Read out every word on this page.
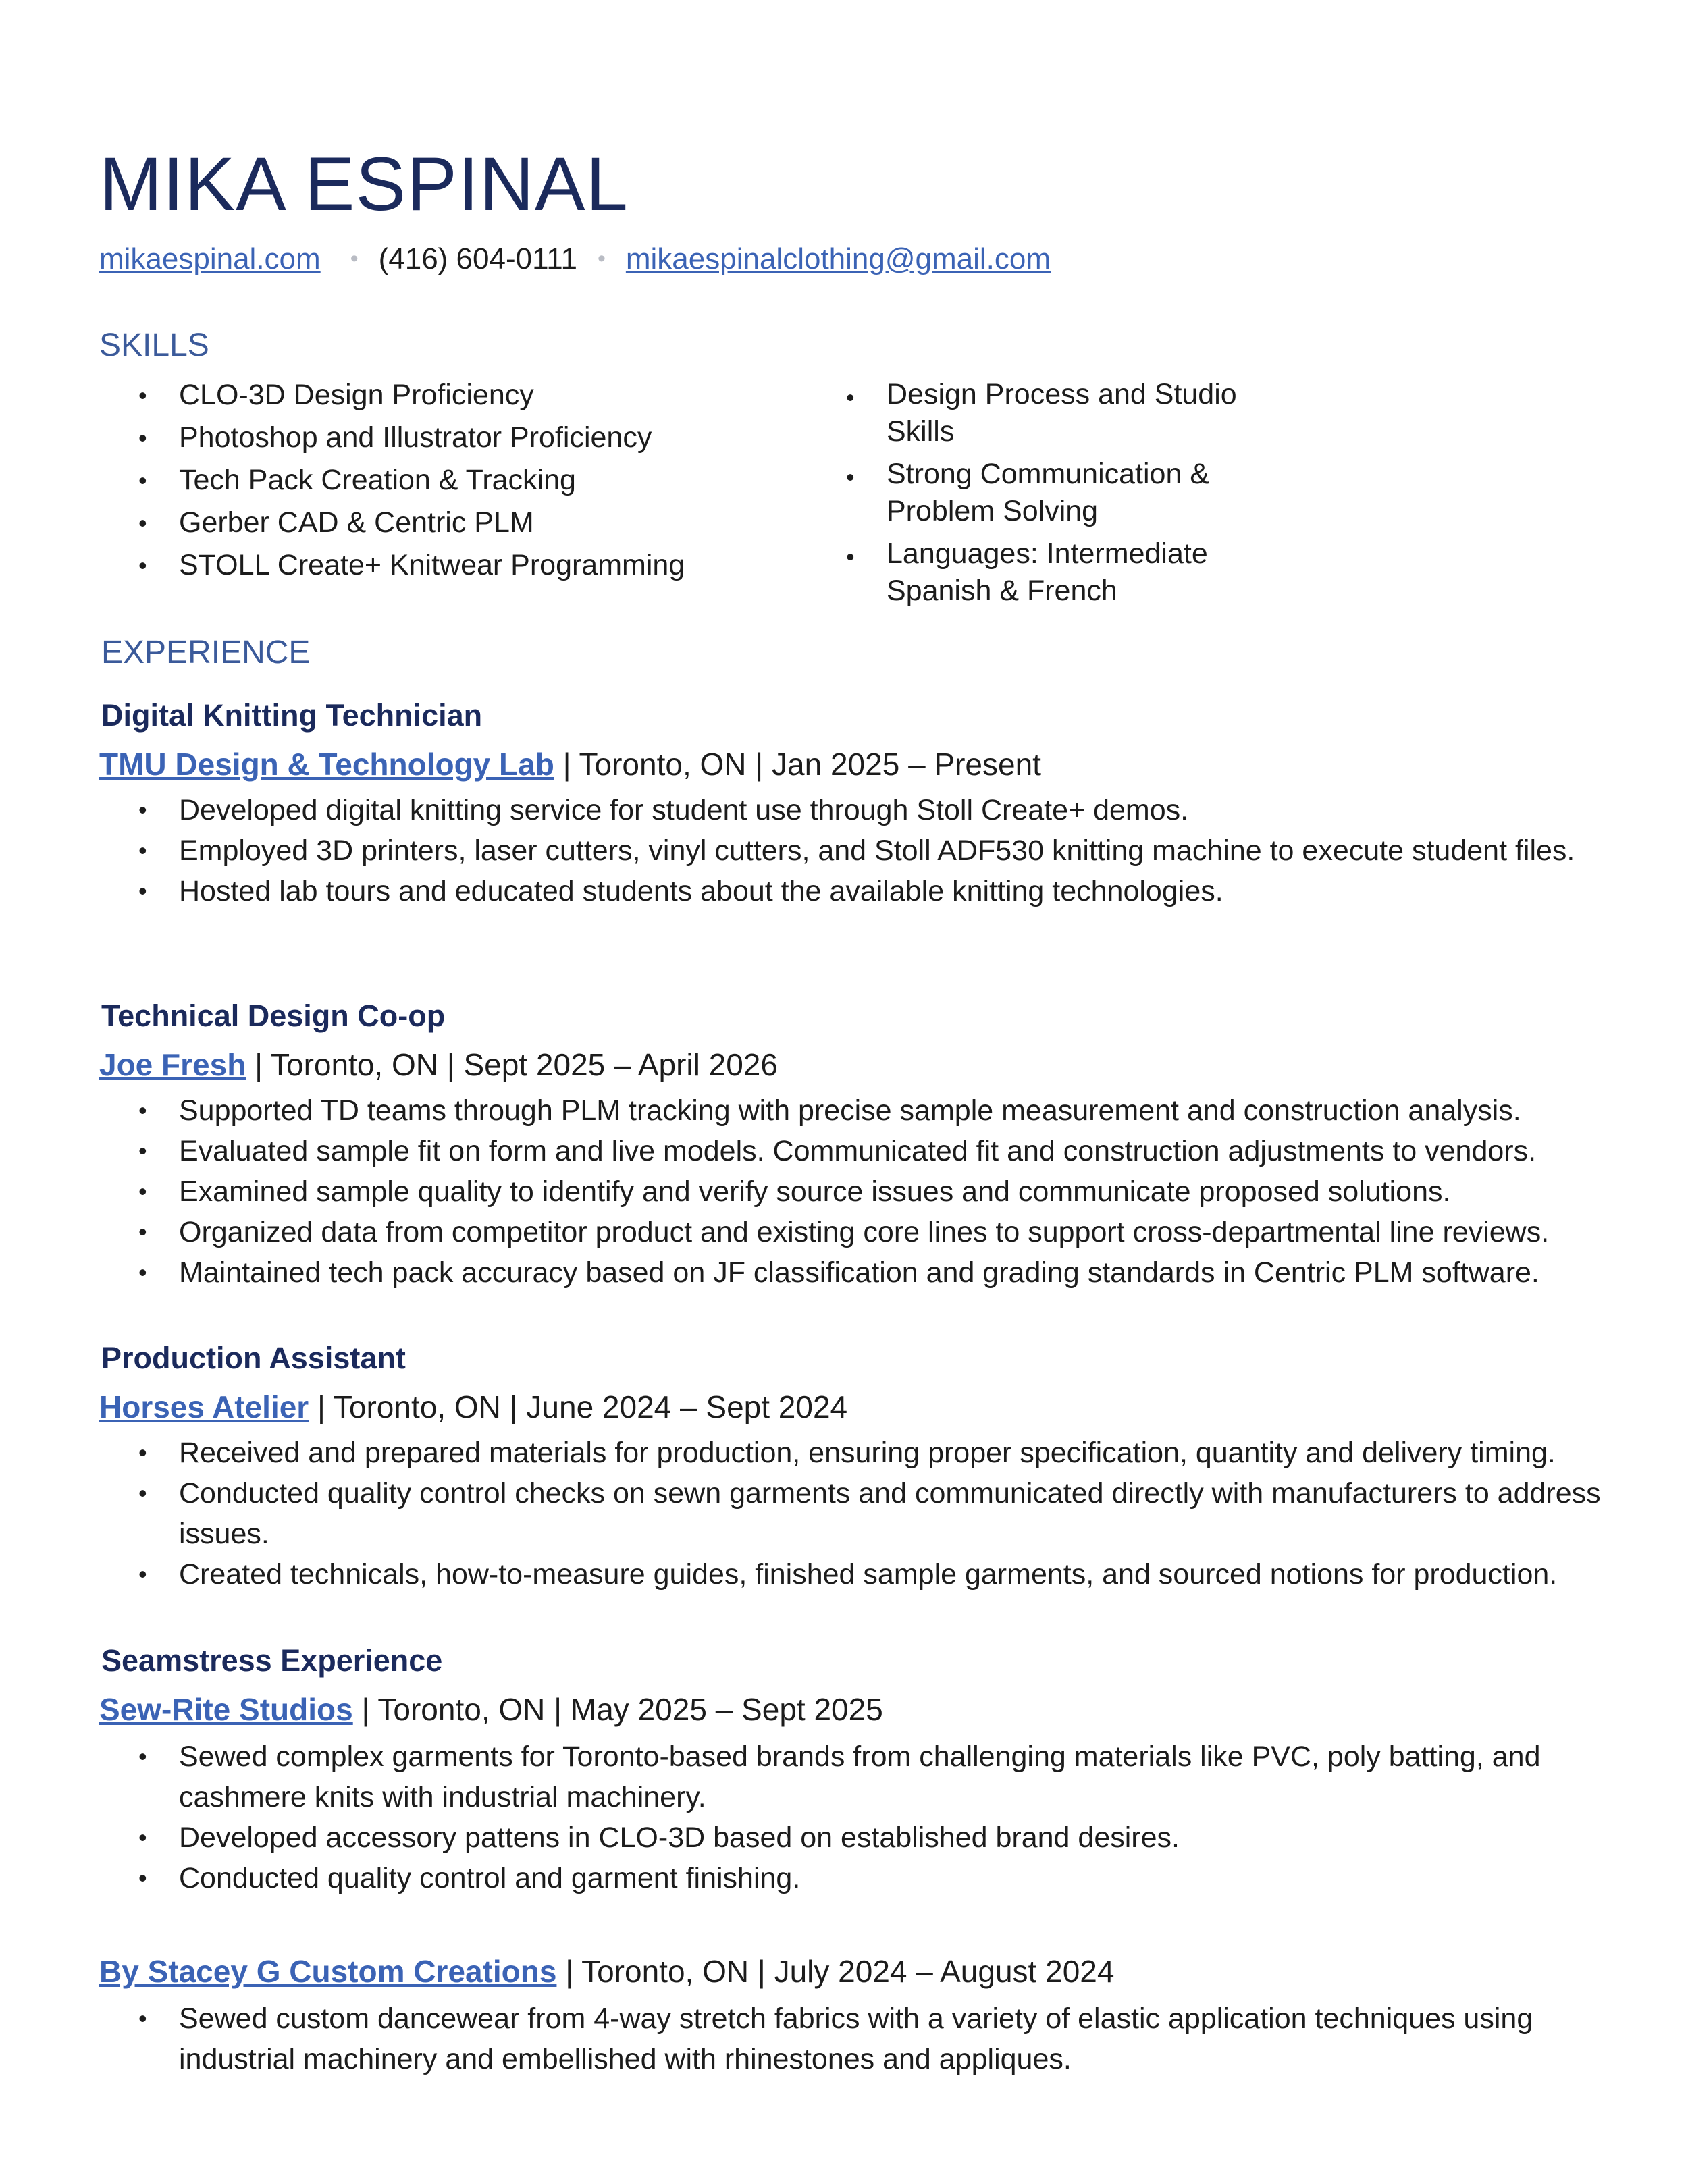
MIKA ESPINAL
mikaespinal.com • (416) 604-0111 • mikaespinalclothing@gmail.com
SKILLS
• CLO-3D Design Proficiency
• Photoshop and Illustrator Proficiency
• Tech Pack Creation & Tracking
• Gerber CAD & Centric PLM
• STOLL Create+ Knitwear Programming
• Design Process and Studio Skills
• Strong Communication & Problem Solving
• Languages: Intermediate Spanish & French
EXPERIENCE
Digital Knitting Technician
TMU Design & Technology Lab | Toronto, ON | Jan 2025 – Present
• Developed digital knitting service for student use through Stoll Create+ demos.
• Employed 3D printers, laser cutters, vinyl cutters, and Stoll ADF530 knitting machine to execute student files.
• Hosted lab tours and educated students about the available knitting technologies.
Technical Design Co-op
Joe Fresh | Toronto, ON | Sept 2025 – April 2026
• Supported TD teams through PLM tracking with precise sample measurement and construction analysis.
• Evaluated sample fit on form and live models. Communicated fit and construction adjustments to vendors.
• Examined sample quality to identify and verify source issues and communicate proposed solutions.
• Organized data from competitor product and existing core lines to support cross-departmental line reviews.
• Maintained tech pack accuracy based on JF classification and grading standards in Centric PLM software.
Production Assistant
Horses Atelier | Toronto, ON | June 2024 – Sept 2024
• Received and prepared materials for production, ensuring proper specification, quantity and delivery timing.
• Conducted quality control checks on sewn garments and communicated directly with manufacturers to address issues.
• Created technicals, how-to-measure guides, finished sample garments, and sourced notions for production.
Seamstress Experience
Sew-Rite Studios | Toronto, ON | May 2025 – Sept 2025
• Sewed complex garments for Toronto-based brands from challenging materials like PVC, poly batting, and cashmere knits with industrial machinery.
• Developed accessory pattens in CLO-3D based on established brand desires.
• Conducted quality control and garment finishing.
By Stacey G Custom Creations | Toronto, ON | July 2024 – August 2024
• Sewed custom dancewear from 4-way stretch fabrics with a variety of elastic application techniques using industrial machinery and embellished with rhinestones and appliques.
